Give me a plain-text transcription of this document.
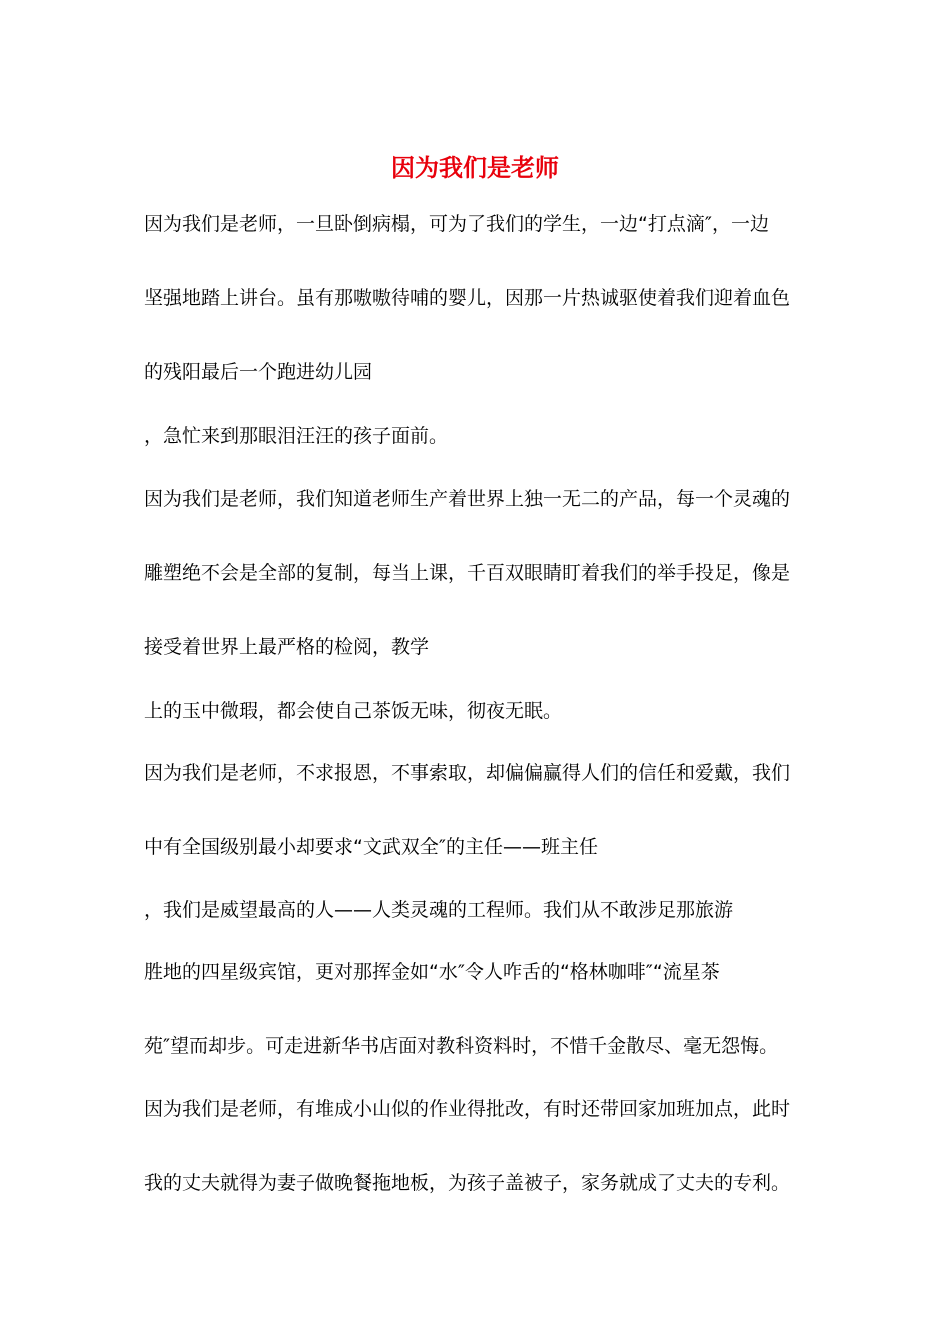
因为我们是老师
因为我们是老师，一旦卧倒病榻，可为了我们的学生，一边“打点滴″，一边
坚强地踏上讲台。虽有那嗷嗷待哺的婴儿，因那一片热诚驱使着我们迎着血色
的残阳最后一个跑进幼儿园
，急忙来到那眼泪汪汪的孩子面前。
因为我们是老师，我们知道老师生产着世界上独一无二的产品，每一个灵魂的
雕塑绝不会是全部的复制，每当上课，千百双眼睛盯着我们的举手投足，像是
接受着世界上最严格的检阅，教学
上的玉中微瑕，都会使自己茶饭无味，彻夜无眠。
因为我们是老师，不求报恩，不事索取，却偏偏赢得人们的信任和爱戴，我们
中有全国级别最小却要求“文武双全″的主任——班主任
，我们是威望最高的人——人类灵魂的工程师。我们从不敢涉足那旅游
胜地的四星级宾馆，更对那挥金如“水″令人咋舌的“格林咖啡″“流星茶
苑″望而却步。可走进新华书店面对教科资料时，不惜千金散尽、毫无怨悔。
因为我们是老师，有堆成小山似的作业得批改，有时还带回家加班加点，此时
我的丈夫就得为妻子做晚餐拖地板，为孩子盖被子，家务就成了丈夫的专利。
